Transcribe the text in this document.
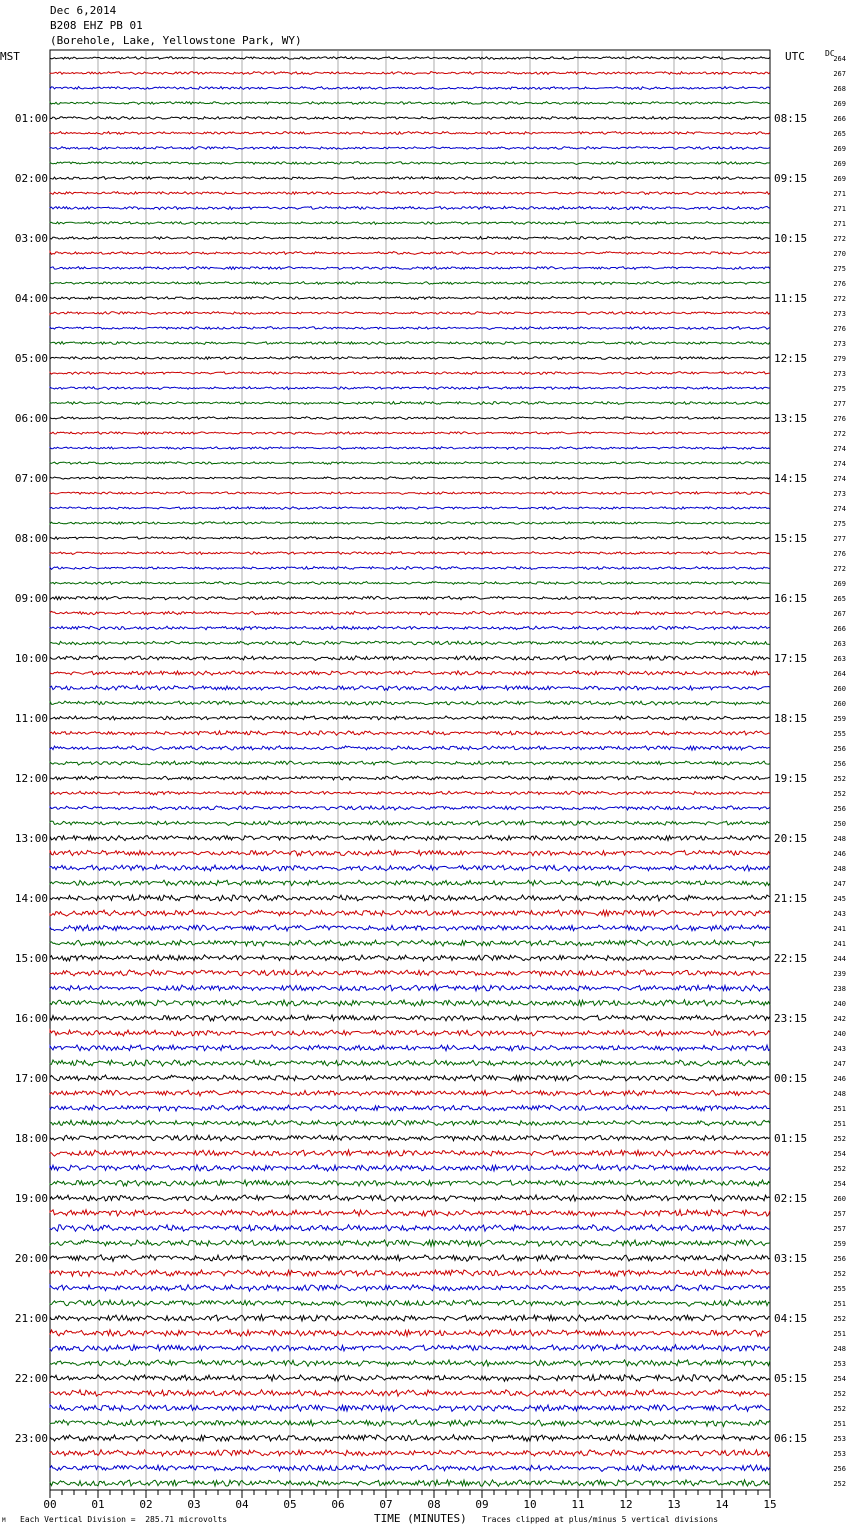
Dec 6,2014
B208 EHZ PB 01
(Borehole, Lake, Yellowstone Park, WY)
MST	UTC	DC
264
267
268
269
266
265
269
269
269
271
271
271
272
270
275
276
272
273
276
273
279
273
275
277
276
272
274
274
274
273
274
275
277
276
272
269
265
267
266
263
263
264
260
260
259
255
256
256
252
252
256
250
248
246
248
247
245
243
241
241
244
239
238
240
242
240
243
247
246
248
251
251
252
254
252
254
260
257
257
259
256
252
255
251
252
251
248
253
254
252
252
251
253
253
256
252
01:00
02:00
03:00
04:00
05:00
06:00
07:00
08:00
09:00
10:00
11:00
12:00
13:00
14:00
15:00
16:00
17:00
18:00
19:00
20:00
21:00
22:00
23:00
08:15
09:15
10:15
11:15
12:15
13:15
14:15
15:15
16:15
17:15
18:15
19:15
20:15
21:15
22:15
23:15
00:15
01:15
02:15
03:15
04:15
05:15
06:15
00	01	02	03	04	05	06	07	08	09	10	11	12	13	14	15
M Each Vertical Division =  285.71 microvolts	TIME (MINUTES) Traces clipped at plus/minus 5 vertical divisions
